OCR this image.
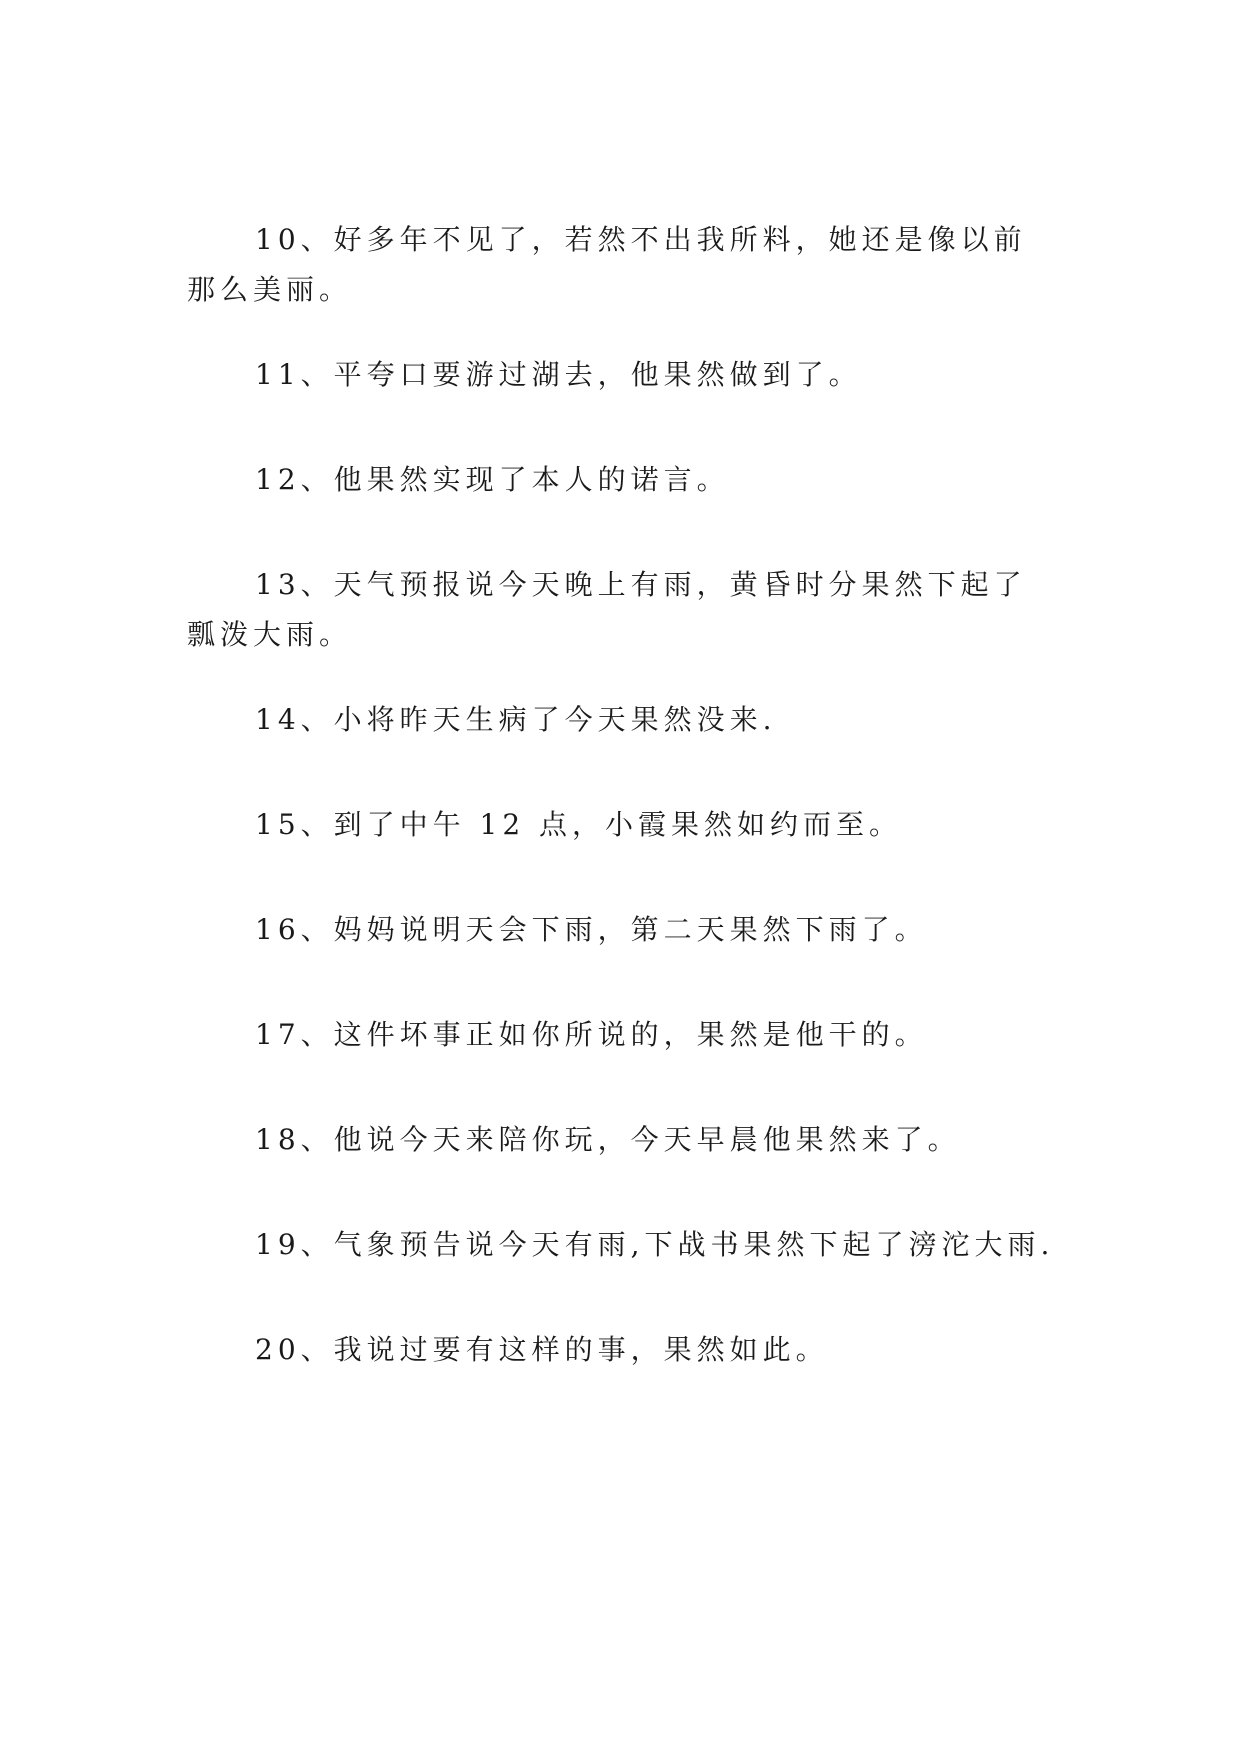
10、好多年不见了，若然不出我所料，她还是像以前那么美丽。

11、平夸口要游过湖去，他果然做到了。

12、他果然实现了本人的诺言。

13、天气预报说今天晚上有雨，黄昏时分果然下起了瓢泼大雨。

14、小将昨天生病了今天果然没来.

15、到了中午 12 点，小霞果然如约而至。

16、妈妈说明天会下雨，第二天果然下雨了。

17、这件坏事正如你所说的，果然是他干的。

18、他说今天来陪你玩，今天早晨他果然来了。

19、气象预告说今天有雨,下战书果然下起了滂沱大雨.

20、我说过要有这样的事，果然如此。
